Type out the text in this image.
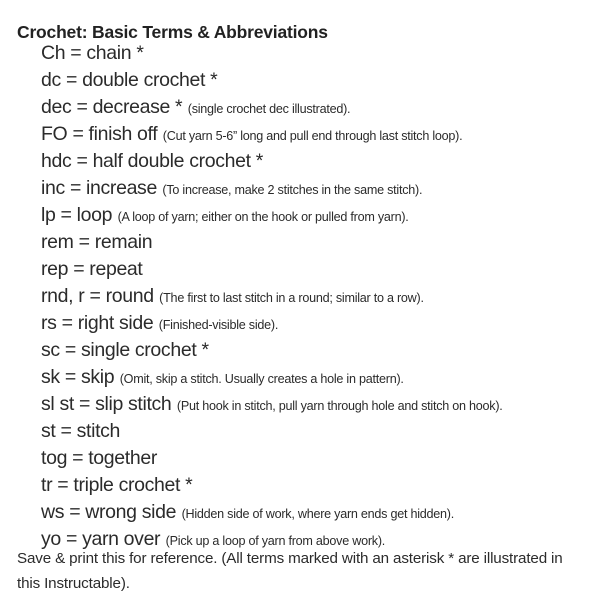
Crochet: Basic Terms & Abbreviations
Ch = chain *
dc = double crochet *
dec = decrease * (single crochet dec illustrated).
FO = finish off (Cut yarn 5-6” long and pull end through last stitch loop).
hdc = half double crochet *
inc = increase (To increase, make 2 stitches in the same stitch).
lp = loop (A loop of yarn; either on the hook or pulled from yarn).
rem = remain
rep = repeat
rnd, r = round (The first to last stitch in a round; similar to a row).
rs = right side (Finished-visible side).
sc = single crochet *
sk = skip (Omit, skip a stitch. Usually creates a hole in pattern).
sl st = slip stitch (Put hook in stitch, pull yarn through hole and stitch on hook).
st = stitch
tog = together
tr = triple crochet *
ws = wrong side (Hidden side of work, where yarn ends get hidden).
yo = yarn over (Pick up a loop of yarn from above work).

Save & print this for reference. (All terms marked with an asterisk * are illustrated in this Instructable).
